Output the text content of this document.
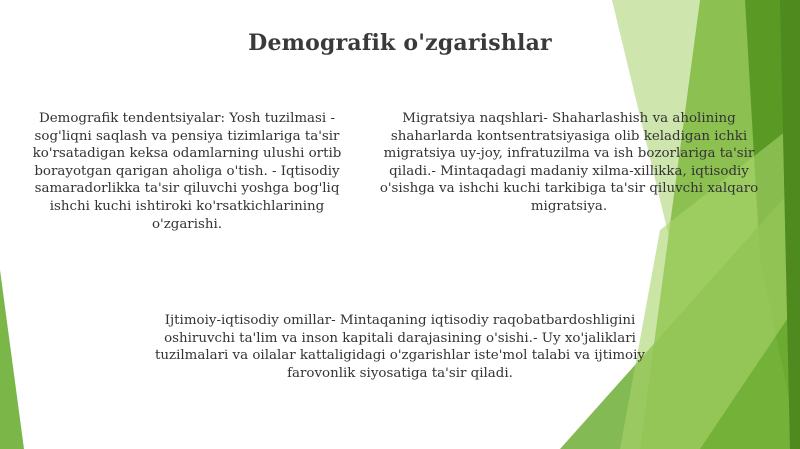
Demografik o'zgarishlar
Demografik tendentsiyalar: Yosh tuzilmasi - sog'liqni saqlash va pensiya tizimlariga ta'sir ko'rsatadigan keksa odamlarning ulushi ortib borayotgan qarigan aholiga o'tish. - Iqtisodiy samaradorlikka ta'sir qiluvchi yoshga bog'liq ishchi kuchi ishtiroki ko'rsatkichlarining o'zgarishi.
Migratsiya naqshlari- Shaharlashish va aholining shaharlarda kontsentratsiyasiga olib keladigan ichki migratsiya uy-joy, infratuzilma va ish bozorlariga ta'sir qiladi.- Mintaqadagi madaniy xilma-xillikka, iqtisodiy o'sishga va ishchi kuchi tarkibiga ta'sir qiluvchi xalqaro migratsiya.
Ijtimoiy-iqtisodiy omillar- Mintaqaning iqtisodiy raqobatbardoshligini oshiruvchi ta'lim va inson kapitali darajasining o'sishi.- Uy xo'jaliklari tuzilmalari va oilalar kattaligidagi o'zgarishlar iste'mol talabi va ijtimoiy farovonlik siyosatiga ta'sir qiladi.
